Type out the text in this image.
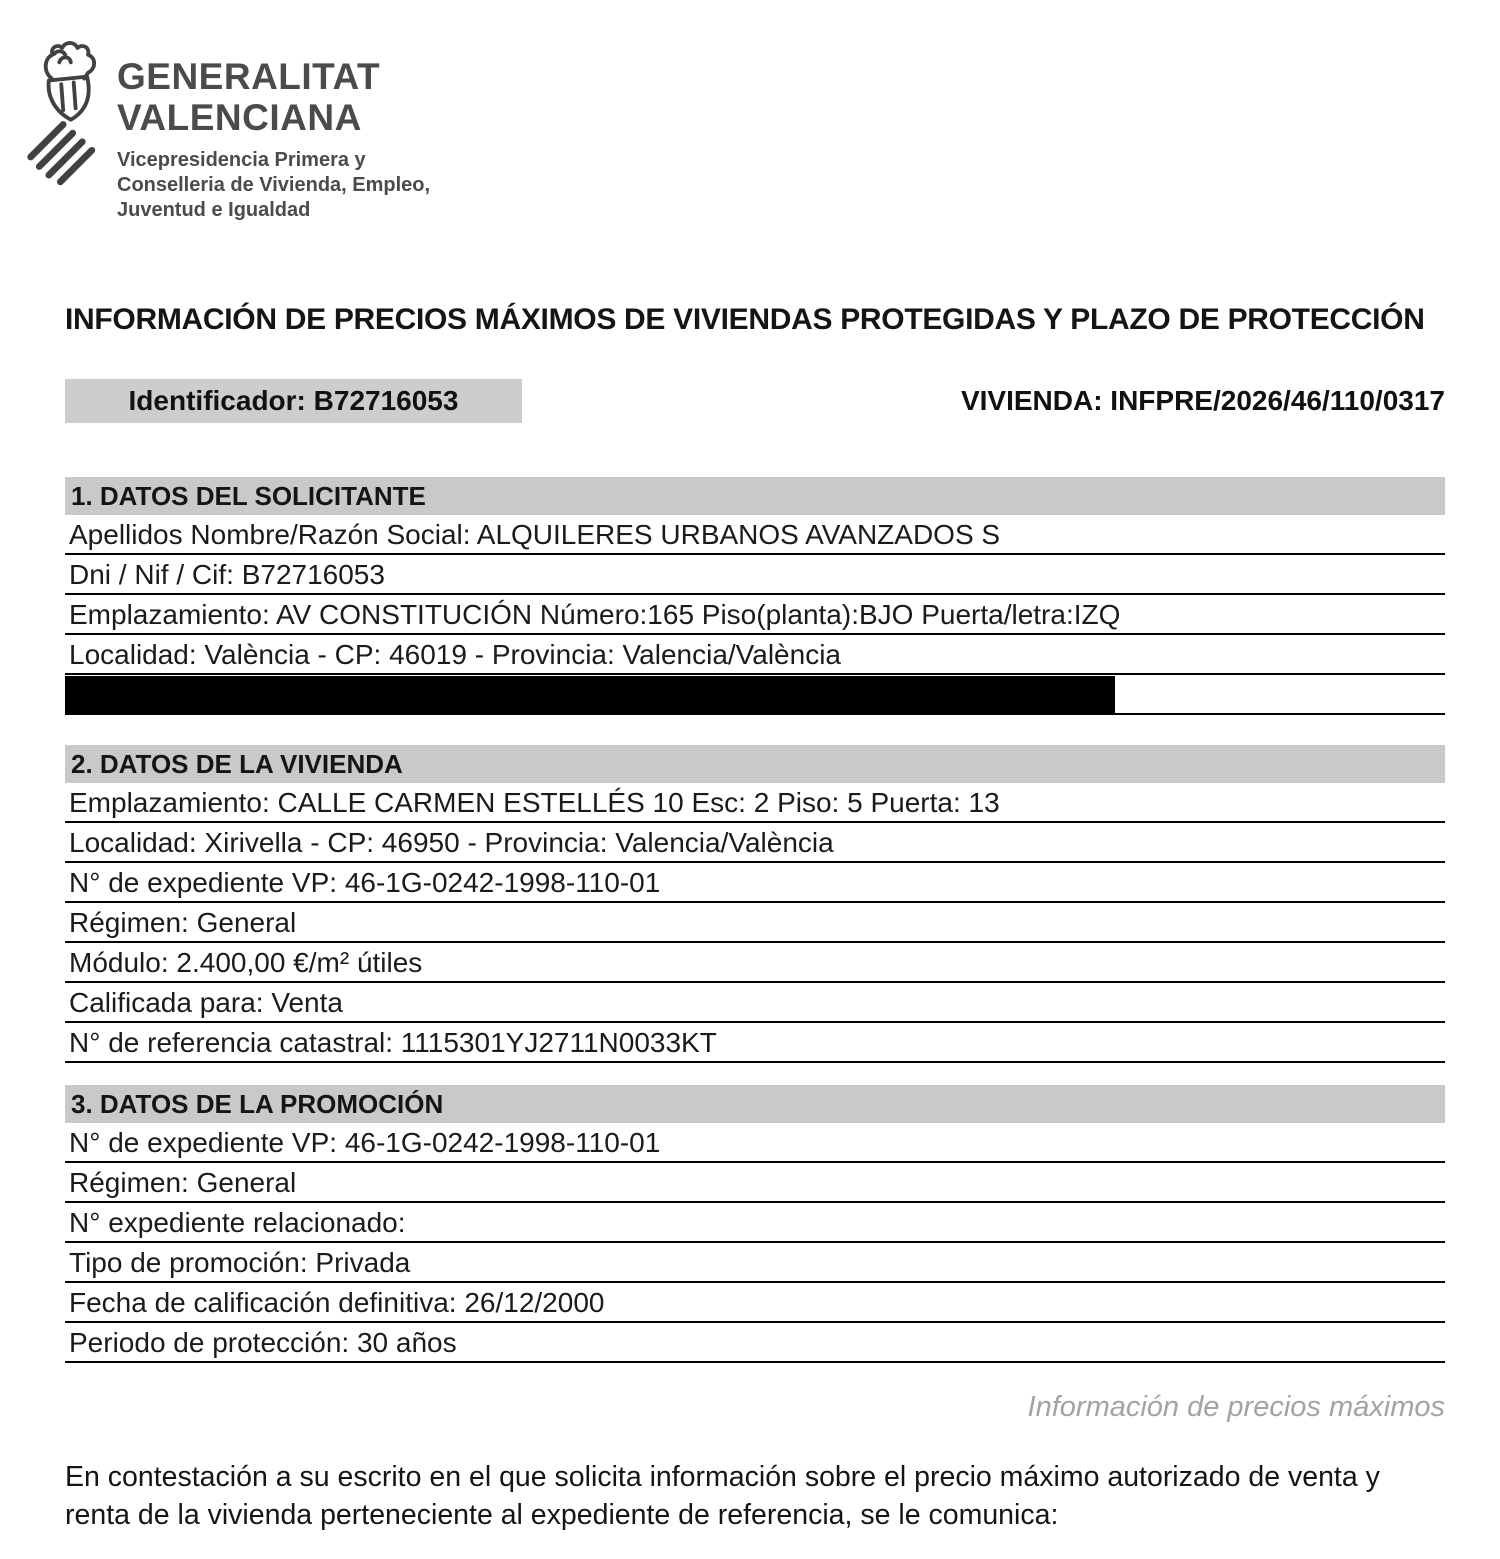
GENERALITAT
VALENCIANA
Vicepresidencia Primera y
Conselleria de Vivienda, Empleo,
Juventud e Igualdad
INFORMACIÓN DE PRECIOS MÁXIMOS DE VIVIENDAS PROTEGIDAS Y PLAZO DE PROTECCIÓN
Identificador: B72716053	VIVIENDA: INFPRE/2026/46/110/0317
1. DATOS DEL SOLICITANTE
Apellidos Nombre/Razón Social: ALQUILERES URBANOS AVANZADOS S
Dni / Nif / Cif: B72716053
Emplazamiento: AV CONSTITUCIÓN Número:165 Piso(planta):BJO Puerta/letra:IZQ
Localidad: València - CP: 46019 - Provincia: Valencia/València
2. DATOS DE LA VIVIENDA
Emplazamiento: CALLE CARMEN ESTELLÉS 10 Esc: 2 Piso: 5 Puerta: 13
Localidad: Xirivella - CP: 46950 - Provincia: Valencia/València
N° de expediente VP: 46-1G-0242-1998-110-01
Régimen: General
Módulo: 2.400,00 €/m² útiles
Calificada para: Venta
N° de referencia catastral: 1115301YJ2711N0033KT
3. DATOS DE LA PROMOCIÓN
N° de expediente VP: 46-1G-0242-1998-110-01
Régimen: General
N° expediente relacionado:
Tipo de promoción: Privada
Fecha de calificación definitiva: 26/12/2000
Periodo de protección: 30 años
Información de precios máximos
En contestación a su escrito en el que solicita información sobre el precio máximo autorizado de venta y renta de la vivienda perteneciente al expediente de referencia, se le comunica:
